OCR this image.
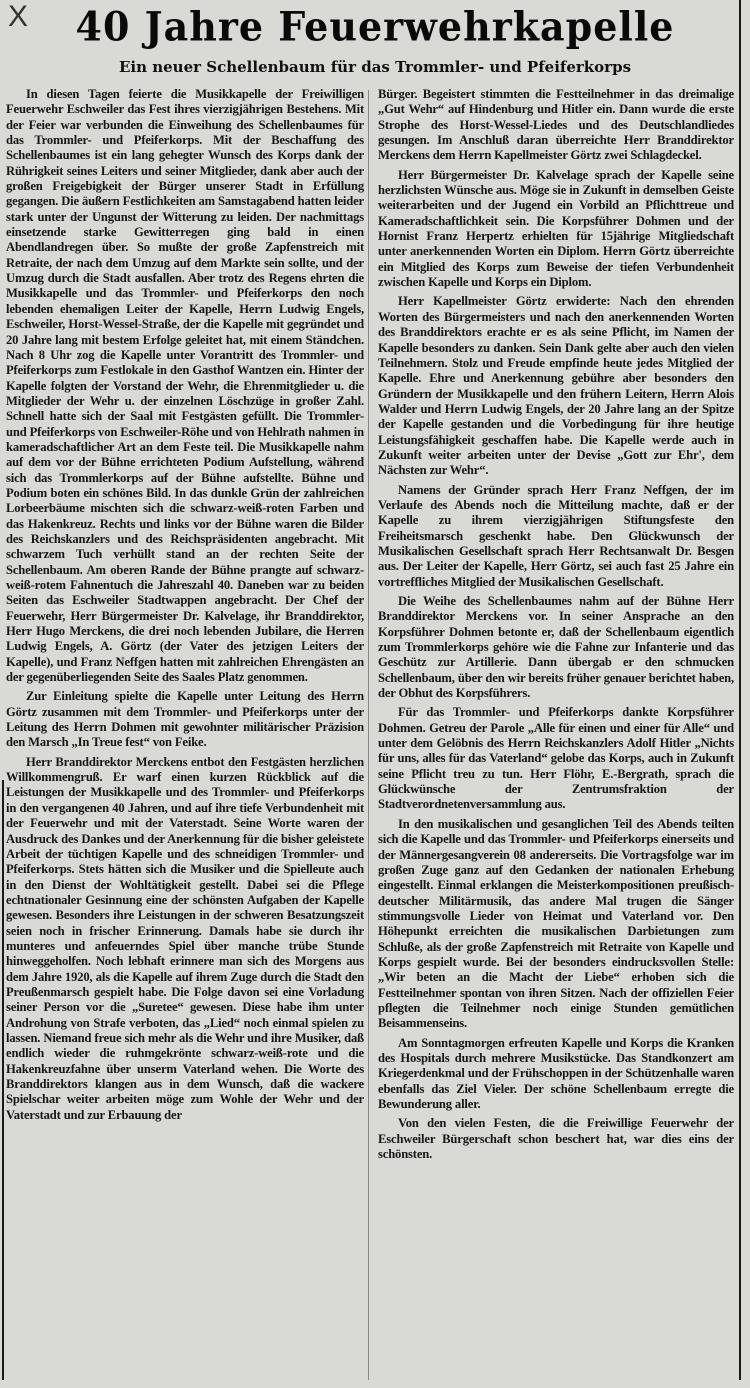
X	40 Jahre Feuerwehrkapelle
Ein neuer Schellenbaum für das Trommler- und Pfeiferkorps

In diesen Tagen feierte die Musikkapelle der Freiwilligen Feuerwehr Eschweiler das Fest ihres vierzigjährigen Bestehens. Mit der Feier war verbunden die Einweihung des Schellenbaumes für das Trommler- und Pfeiferkorps. Mit der Beschaffung des Schellenbaumes ist ein lang gehegter Wunsch des Korps dank der Rührigkeit seines Leiters und seiner Mitglieder, dank aber auch der großen Freigebigkeit der Bürger unserer Stadt in Erfüllung gegangen. Die äußern Festlichkeiten am Samstagabend hatten leider stark unter der Ungunst der Witterung zu leiden. Der nachmittags einsetzende starke Gewitterregen ging bald in einen Abendlandregen über. So mußte der große Zapfenstreich mit Retraite, der nach dem Umzug auf dem Markte sein sollte, und der Umzug durch die Stadt ausfallen. Aber trotz des Regens ehrten die Musikkapelle und das Trommler- und Pfeiferkorps den noch lebenden ehemaligen Leiter der Kapelle, Herrn Ludwig Engels, Eschweiler, Horst-Wessel-Straße, der die Kapelle mit gegründet und 20 Jahre lang mit bestem Erfolge geleitet hat, mit einem Ständchen. Nach 8 Uhr zog die Kapelle unter Vorantritt des Trommler- und Pfeiferkorps zum Festlokale in den Gasthof Wantzen ein. Hinter der Kapelle folgten der Vorstand der Wehr, die Ehrenmitglieder u. die Mitglieder der Wehr u. der einzelnen Löschzüge in großer Zahl. Schnell hatte sich der Saal mit Festgästen gefüllt. Die Trommler- und Pfeiferkorps von Eschweiler-Röhe und von Hehlrath nahmen in kameradschaftlicher Art an dem Feste teil. Die Musikkapelle nahm auf dem vor der Bühne errichteten Podium Aufstellung, während sich das Trommlerkorps auf der Bühne aufstellte. Bühne und Podium boten ein schönes Bild. In das dunkle Grün der zahlreichen Lorbeerbäume mischten sich die schwarz-weiß-roten Farben und das Hakenkreuz. Rechts und links vor der Bühne waren die Bilder des Reichskanzlers und des Reichspräsidenten angebracht. Mit schwarzem Tuch verhüllt stand an der rechten Seite der Schellenbaum. Am oberen Rande der Bühne prangte auf schwarz-weiß-rotem Fahnentuch die Jahreszahl 40. Daneben war zu beiden Seiten das Eschweiler Stadtwappen angebracht. Der Chef der Feuerwehr, Herr Bürgermeister Dr. Kalvelage, ihr Branddirektor, Herr Hugo Merckens, die drei noch lebenden Jubilare, die Herren Ludwig Engels, A. Görtz (der Vater des jetzigen Leiters der Kapelle), und Franz Neffgen hatten mit zahlreichen Ehrengästen an der gegenüberliegenden Seite des Saales Platz genommen.

Zur Einleitung spielte die Kapelle unter Leitung des Herrn Görtz zusammen mit dem Trommler- und Pfeiferkorps unter der Leitung des Herrn Dohmen mit gewohnter militärischer Präzision den Marsch „In Treue fest“ von Feike.

Herr Branddirektor Merckens entbot den Festgästen herzlichen Willkommengruß. Er warf einen kurzen Rückblick auf die Leistungen der Musikkapelle und des Trommler- und Pfeiferkorps in den vergangenen 40 Jahren, und auf ihre tiefe Verbundenheit mit der Feuerwehr und mit der Vaterstadt. Seine Worte waren der Ausdruck des Dankes und der Anerkennung für die bisher geleistete Arbeit der tüchtigen Kapelle und des schneidigen Trommler- und Pfeiferkorps. Stets hätten sich die Musiker und die Spielleute auch in den Dienst der Wohltätigkeit gestellt. Dabei sei die Pflege echtnationaler Gesinnung eine der schönsten Aufgaben der Kapelle gewesen. Besonders ihre Leistungen in der schweren Besatzungszeit seien noch in frischer Erinnerung. Damals habe sie durch ihr munteres und anfeuerndes Spiel über manche trübe Stunde hinweggeholfen. Noch lebhaft erinnere man sich des Morgens aus dem Jahre 1920, als die Kapelle auf ihrem Zuge durch die Stadt den Preußenmarsch gespielt habe. Die Folge davon sei eine Vorladung seiner Person vor die „Suretee“ gewesen. Diese habe ihm unter Androhung von Strafe verboten, das „Lied“ noch einmal spielen zu lassen. Niemand freue sich mehr als die Wehr und ihre Musiker, daß endlich wieder die ruhmgekrönte schwarz-weiß-rote und die Hakenkreuzfahne über unserm Vaterland wehen. Die Worte des Branddirektors klangen aus in dem Wunsch, daß die wackere Spielschar weiter arbeiten möge zum Wohle der Wehr und der Vaterstadt und zur Erbauung der

Bürger. Begeistert stimmten die Festteilnehmer in das dreimalige „Gut Wehr“ auf Hindenburg und Hitler ein. Dann wurde die erste Strophe des Horst-Wessel-Liedes und des Deutschlandliedes gesungen. Im Anschluß daran überreichte Herr Branddirektor Merckens dem Herrn Kapellmeister Görtz zwei Schlagdeckel.

Herr Bürgermeister Dr. Kalvelage sprach der Kapelle seine herzlichsten Wünsche aus. Möge sie in Zukunft in demselben Geiste weiterarbeiten und der Jugend ein Vorbild an Pflichttreue und Kameradschaftlichkeit sein. Die Korpsführer Dohmen und der Hornist Franz Herpertz erhielten für 15jährige Mitgliedschaft unter anerkennenden Worten ein Diplom. Herrn Görtz überreichte ein Mitglied des Korps zum Beweise der tiefen Verbundenheit zwischen Kapelle und Korps ein Diplom.

Herr Kapellmeister Görtz erwiderte: Nach den ehrenden Worten des Bürgermeisters und nach den anerkennenden Worten des Branddirektors erachte er es als seine Pflicht, im Namen der Kapelle besonders zu danken. Sein Dank gelte aber auch den vielen Teilnehmern. Stolz und Freude empfinde heute jedes Mitglied der Kapelle. Ehre und Anerkennung gebühre aber besonders den Gründern der Musikkapelle und den frühern Leitern, Herrn Alois Walder und Herrn Ludwig Engels, der 20 Jahre lang an der Spitze der Kapelle gestanden und die Vorbedingung für ihre heutige Leistungsfähigkeit geschaffen habe. Die Kapelle werde auch in Zukunft weiter arbeiten unter der Devise „Gott zur Ehr', dem Nächsten zur Wehr“.

Namens der Gründer sprach Herr Franz Neffgen, der im Verlaufe des Abends noch die Mitteilung machte, daß er der Kapelle zu ihrem vierzigjährigen Stiftungsfeste den Freiheitsmarsch geschenkt habe. Den Glückwunsch der Musikalischen Gesellschaft sprach Herr Rechtsanwalt Dr. Besgen aus. Der Leiter der Kapelle, Herr Görtz, sei auch fast 25 Jahre ein vortreffliches Mitglied der Musikalischen Gesellschaft.

Die Weihe des Schellenbaumes nahm auf der Bühne Herr Branddirektor Merckens vor. In seiner Ansprache an den Korpsführer Dohmen betonte er, daß der Schellenbaum eigentlich zum Trommlerkorps gehöre wie die Fahne zur Infanterie und das Geschütz zur Artillerie. Dann übergab er den schmucken Schellenbaum, über den wir bereits früher genauer berichtet haben, der Obhut des Korpsführers.

Für das Trommler- und Pfeiferkorps dankte Korpsführer Dohmen. Getreu der Parole „Alle für einen und einer für Alle“ und unter dem Gelöbnis des Herrn Reichskanzlers Adolf Hitler „Nichts für uns, alles für das Vaterland“ gelobe das Korps, auch in Zukunft seine Pflicht treu zu tun. Herr Flöhr, E.-Bergrath, sprach die Glückwünsche der Zentrumsfraktion der Stadtverordnetenversammlung aus.

In den musikalischen und gesanglichen Teil des Abends teilten sich die Kapelle und das Trommler- und Pfeiferkorps einerseits und der Männergesangverein 08 andererseits. Die Vortragsfolge war im großen Zuge ganz auf den Gedanken der nationalen Erhebung eingestellt. Einmal erklangen die Meisterkompositionen preußisch-deutscher Militärmusik, das andere Mal trugen die Sänger stimmungsvolle Lieder von Heimat und Vaterland vor. Den Höhepunkt erreichten die musikalischen Darbietungen zum Schluße, als der große Zapfenstreich mit Retraite von Kapelle und Korps gespielt wurde. Bei der besonders eindrucksvollen Stelle: „Wir beten an die Macht der Liebe“ erhoben sich die Festteilnehmer spontan von ihren Sitzen. Nach der offiziellen Feier pflegten die Teilnehmer noch einige Stunden gemütlichen Beisammenseins.

Am Sonntagmorgen erfreuten Kapelle und Korps die Kranken des Hospitals durch mehrere Musikstücke. Das Standkonzert am Kriegerdenkmal und der Frühschoppen in der Schützenhalle waren ebenfalls das Ziel Vieler. Der schöne Schellenbaum erregte die Bewunderung aller.

Von den vielen Festen, die die Freiwillige Feuerwehr der Eschweiler Bürgerschaft schon beschert hat, war dies eins der schönsten.
